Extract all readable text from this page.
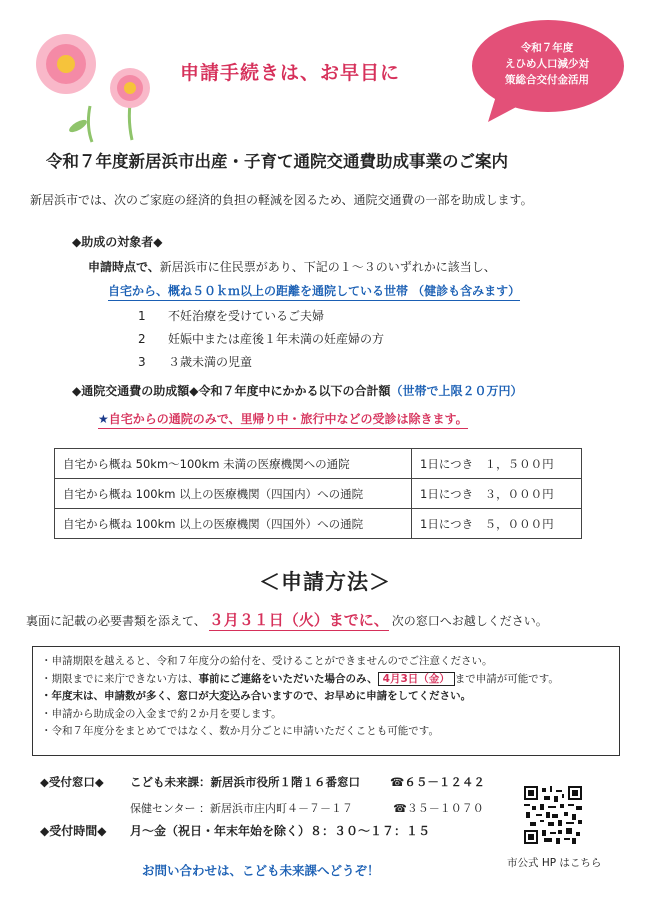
申請手続きは、お早目に
令和７年度
えひめ人口減少対
策総合交付金活用
令和７年度新居浜市出産・子育て通院交通費助成事業のご案内
新居浜市では、次のご家庭の経済的負担の軽減を図るため、通院交通費の一部を助成します。
◆助成の対象者◆
申請時点で、新居浜市に住民票があり、下記の１～３のいずれかに該当し、
自宅から、概ね５０ｋｍ以上の距離を通院している世帯 （健診も含みます）
1 不妊治療を受けているご夫婦
2 妊娠中または産後１年未満の妊産婦の方
3 ３歳未満の児童
◆通院交通費の助成額◆令和７年度中にかかる以下の合計額（世帯で上限２０万円）
★自宅からの通院のみで、里帰り中・旅行中などの受診は除きます。
自宅から概ね 50km～100km 未満の医療機関への通院	1日につき　１，５００円
自宅から概ね 100km 以上の医療機関（四国内）への通院	1日につき　３，０００円
自宅から概ね 100km 以上の医療機関（四国外）への通院	1日につき　５，０００円
＜申請方法＞
裏面に記載の必要書類を添えて、 ３月３１日（火）までに、 次の窓口へお越しください。

・申請期限を越えると、令和７年度分の給付を、受けることができませんのでご注意ください。

・期限までに来庁できない方は、事前にご連絡をいただいた場合のみ、 4月3日（金） まで申請が可能です。

・年度末は、申請数が多く、窓口が大変込み合いますので、お早めに申請をしてください。

・申請から助成金の入金まで約２か月を要します。

・令和７年度分をまとめてではなく、数か月分ごとに申請いただくことも可能です。

◆受付窓口◆ こども未来課：新居浜市役所１階１６番窓口	☎６５－１２４２
保健センター ：新居浜市庄内町４－７－１７	☎３５－１０７０
◆受付時間◆ 月～金（祝日・年末年始を除く）８：３０～１７：１５
市公式 HP はこちら
お問い合わせは、こども未来課へどうぞ！
